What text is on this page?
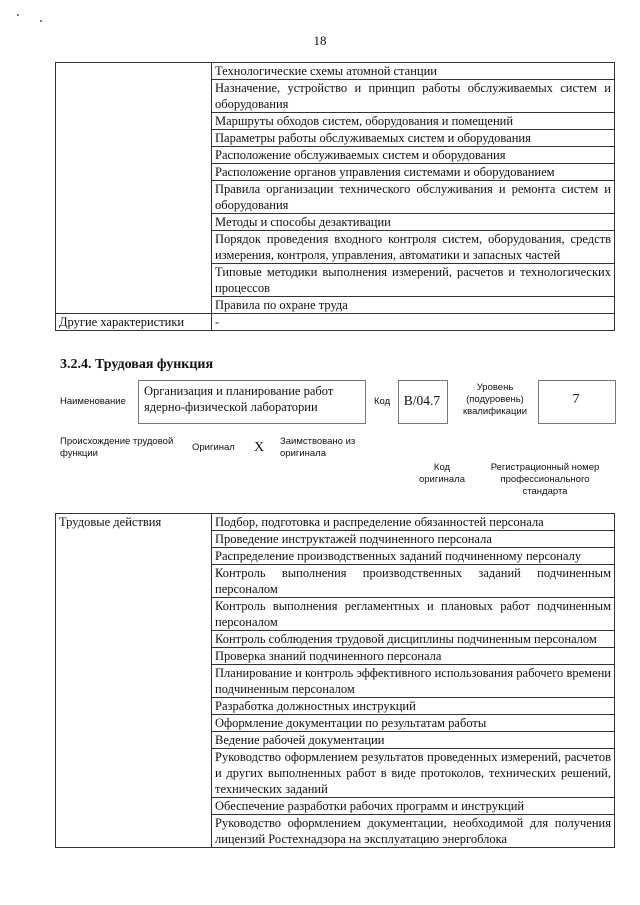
18
	Технологические схемы атомной станции
	Назначение, устройство и принцип работы обслуживаемых систем и оборудования
	Маршруты обходов систем, оборудования и помещений
	Параметры работы обслуживаемых систем и оборудования
	Расположение обслуживаемых систем и оборудования
	Расположение органов управления системами и оборудованием
	Правила организации технического обслуживания и ремонта систем и оборудования
	Методы и способы дезактивации
	Порядок проведения входного контроля систем, оборудования, средств измерения, контроля, управления, автоматики и запасных частей
	Типовые методики выполнения измерений, расчетов и технологических процессов
	Правила по охране труда
Другие характеристики	-
3.2.4. Трудовая функция
Наименование
Организация и планирование работ ядерно-физической лаборатории	Код	В/04.7
Уровень (подуровень) квалификации
7
Происхождение трудовой функции
Оригинал X Заимствовано из оригинала
Код оригинала
Регистрационный номер профессионального стандарта
Трудовые действия	Подбор, подготовка и распределение обязанностей персонала
Проведение инструктажей подчиненного персонала
Распределение производственных заданий подчиненному персоналу
Контроль выполнения производственных заданий подчиненным персоналом
Контроль выполнения регламентных и плановых работ подчиненным персоналом
Контроль соблюдения трудовой дисциплины подчиненным персоналом
Проверка знаний подчиненного персонала
Планирование и контроль эффективного использования рабочего времени подчиненным персоналом
Разработка должностных инструкций
Оформление документации по результатам работы
Ведение рабочей документации
Руководство оформлением результатов проведенных измерений, расчетов и других выполненных работ в виде протоколов, технических решений, технических заданий
Обеспечение разработки рабочих программ и инструкций
Руководство оформлением документации, необходимой для получения лицензий Ростехнадзора на эксплуатацию энергоблока
